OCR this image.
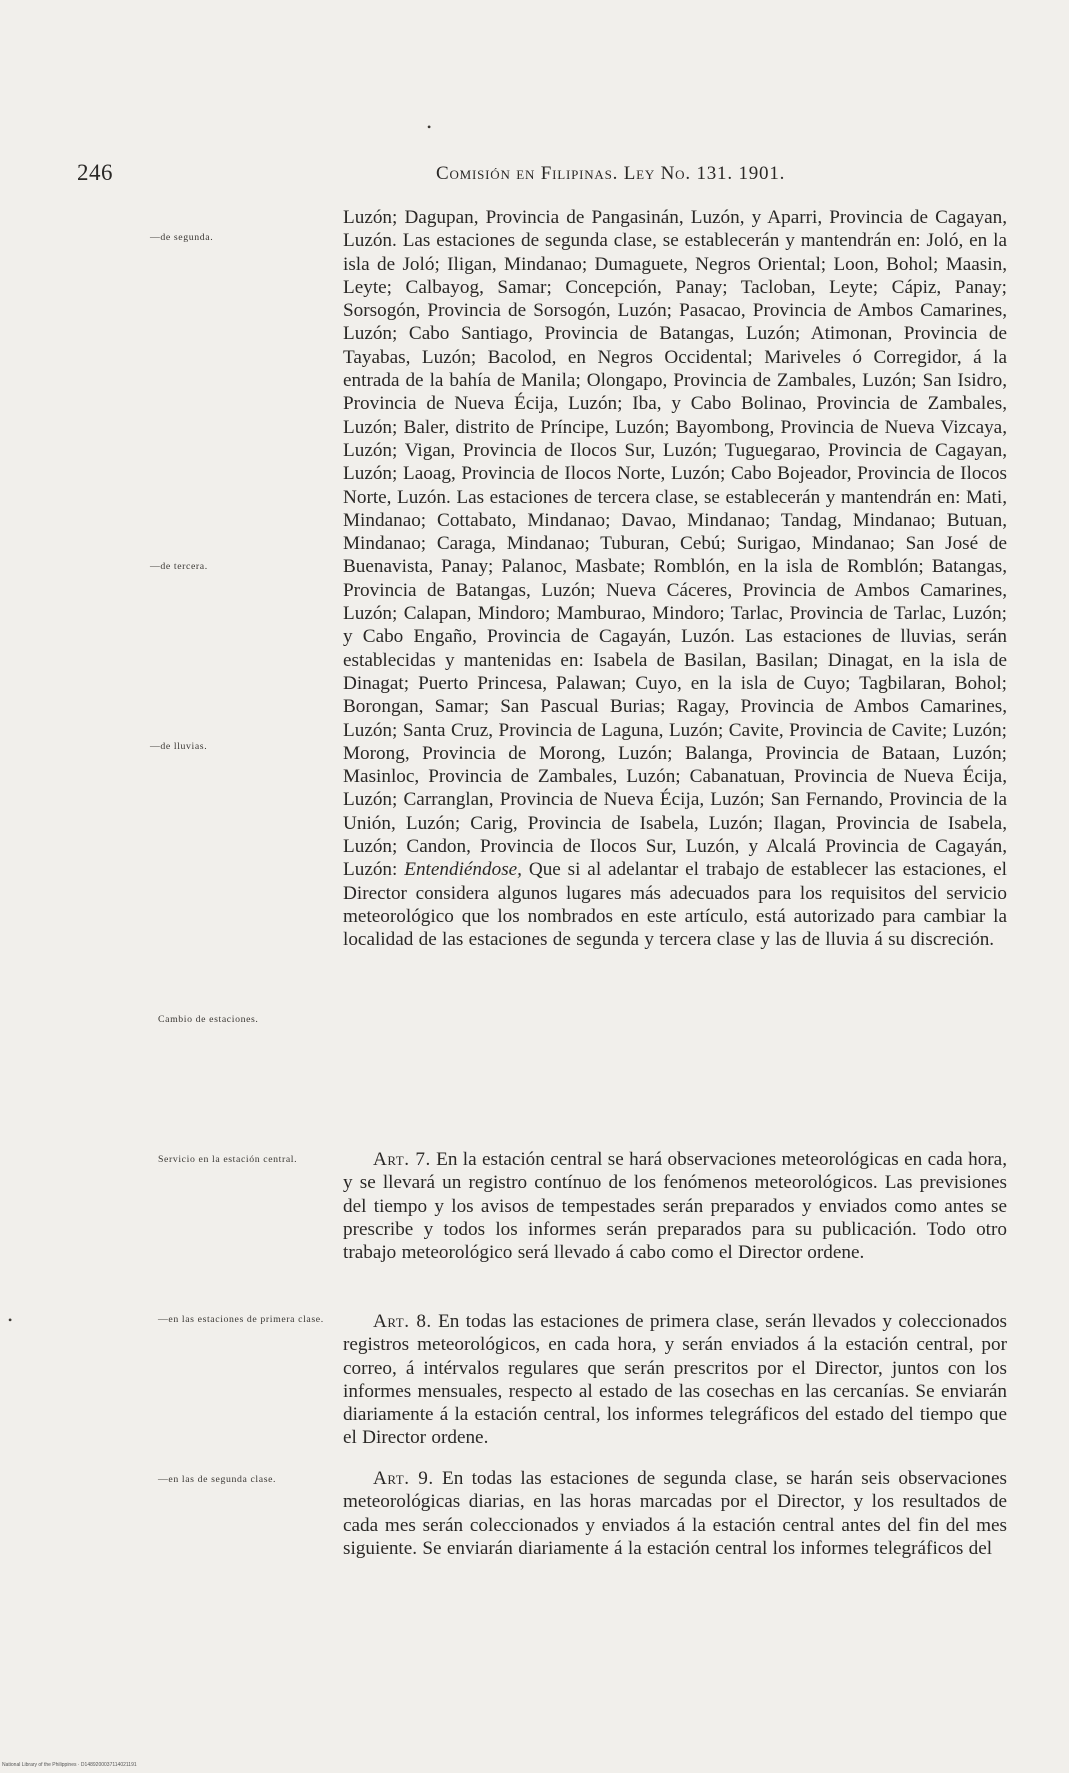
•
•
246	Comisión en Filipinas. Ley No. 131. 1901.
—de segunda.
—de tercera.
—de lluvias.
Cambio de estaciones.
Servicio en la estación central.
—en las estaciones de primera clase.
—en las de segunda clase.
Luzón; Dagupan, Provincia de Pangasinán, Luzón, y Aparri, Provincia de Cagayan, Luzón. Las estaciones de segunda clase, se establecerán y mantendrán en: Joló, en la isla de Joló; Iligan, Mindanao; Dumaguete, Negros Oriental; Loon, Bohol; Maasin, Leyte; Calbayog, Samar; Concepción, Panay; Tacloban, Leyte; Cápiz, Panay; Sorsogón, Provincia de Sorsogón, Luzón; Pasacao, Provincia de Ambos Camarines, Luzón; Cabo Santiago, Provincia de Batangas, Luzón; Atimonan, Provincia de Tayabas, Luzón; Bacolod, en Negros Occidental; Mariveles ó Corregidor, á la entrada de la bahía de Manila; Olongapo, Provincia de Zambales, Luzón; San Isidro, Provincia de Nueva Écija, Luzón; Iba, y Cabo Bolinao, Provincia de Zambales, Luzón; Baler, distrito de Príncipe, Luzón; Bayombong, Provincia de Nueva Vizcaya, Luzón; Vigan, Provincia de Ilocos Sur, Luzón; Tuguegarao, Provincia de Cagayan, Luzón; Laoag, Provincia de Ilocos Norte, Luzón; Cabo Bojeador, Provincia de Ilocos Norte, Luzón. Las estaciones de tercera clase, se establecerán y mantendrán en: Mati, Mindanao; Cottabato, Mindanao; Davao, Mindanao; Tandag, Mindanao; Butuan, Mindanao; Caraga, Mindanao; Tuburan, Cebú; Surigao, Mindanao; San José de Buenavista, Panay; Palanoc, Masbate; Romblón, en la isla de Romblón; Batangas, Provincia de Batangas, Luzón; Nueva Cáceres, Provincia de Ambos Camarines, Luzón; Calapan, Mindoro; Mamburao, Mindoro; Tarlac, Provincia de Tarlac, Luzón; y Cabo Engaño, Provincia de Cagayán, Luzón. Las estaciones de lluvias, serán establecidas y mantenidas en: Isabela de Basilan, Basilan; Dinagat, en la isla de Dinagat; Puerto Princesa, Palawan; Cuyo, en la isla de Cuyo; Tagbilaran, Bohol; Borongan, Samar; San Pascual Burias; Ragay, Provincia de Ambos Camarines, Luzón; Santa Cruz, Provincia de Laguna, Luzón; Cavite, Provincia de Cavite; Luzón; Morong, Provincia de Morong, Luzón; Balanga, Provincia de Bataan, Luzón; Masinloc, Provincia de Zambales, Luzón; Cabanatuan, Provincia de Nueva Écija, Luzón; Carranglan, Provincia de Nueva Écija, Luzón; San Fernando, Provincia de la Unión, Luzón; Carig, Provincia de Isabela, Luzón; Ilagan, Provincia de Isabela, Luzón; Candon, Provincia de Ilocos Sur, Luzón, y Alcalá Provincia de Cagayán, Luzón: Entendiéndose, Que si al adelantar el trabajo de establecer las estaciones, el Director considera algunos lugares más adecuados para los requisitos del servicio meteorológico que los nombrados en este artículo, está autorizado para cambiar la localidad de las estaciones de segunda y tercera clase y las de lluvia á su discreción.
Art. 7. En la estación central se hará observaciones meteorológicas en cada hora, y se llevará un registro contínuo de los fenómenos meteorológicos. Las previsiones del tiempo y los avisos de tempestades serán preparados y enviados como antes se prescribe y todos los informes serán preparados para su publicación. Todo otro trabajo meteorológico será llevado á cabo como el Director ordene.
Art. 8. En todas las estaciones de primera clase, serán llevados y coleccionados registros meteorológicos, en cada hora, y serán enviados á la estación central, por correo, á intérvalos regulares que serán prescritos por el Director, juntos con los informes mensuales, respecto al estado de las cosechas en las cercanías. Se enviarán diariamente á la estación central, los informes telegráficos del estado del tiempo que el Director ordene.
Art. 9. En todas las estaciones de segunda clase, se harán seis observaciones meteorológicas diarias, en las horas marcadas por el Director, y los resultados de cada mes serán coleccionados y enviados á la estación central antes del fin del mes siguiente. Se enviarán diariamente á la estación central los informes telegráficos del
National Library of the Philippines · D1489200037114021191
